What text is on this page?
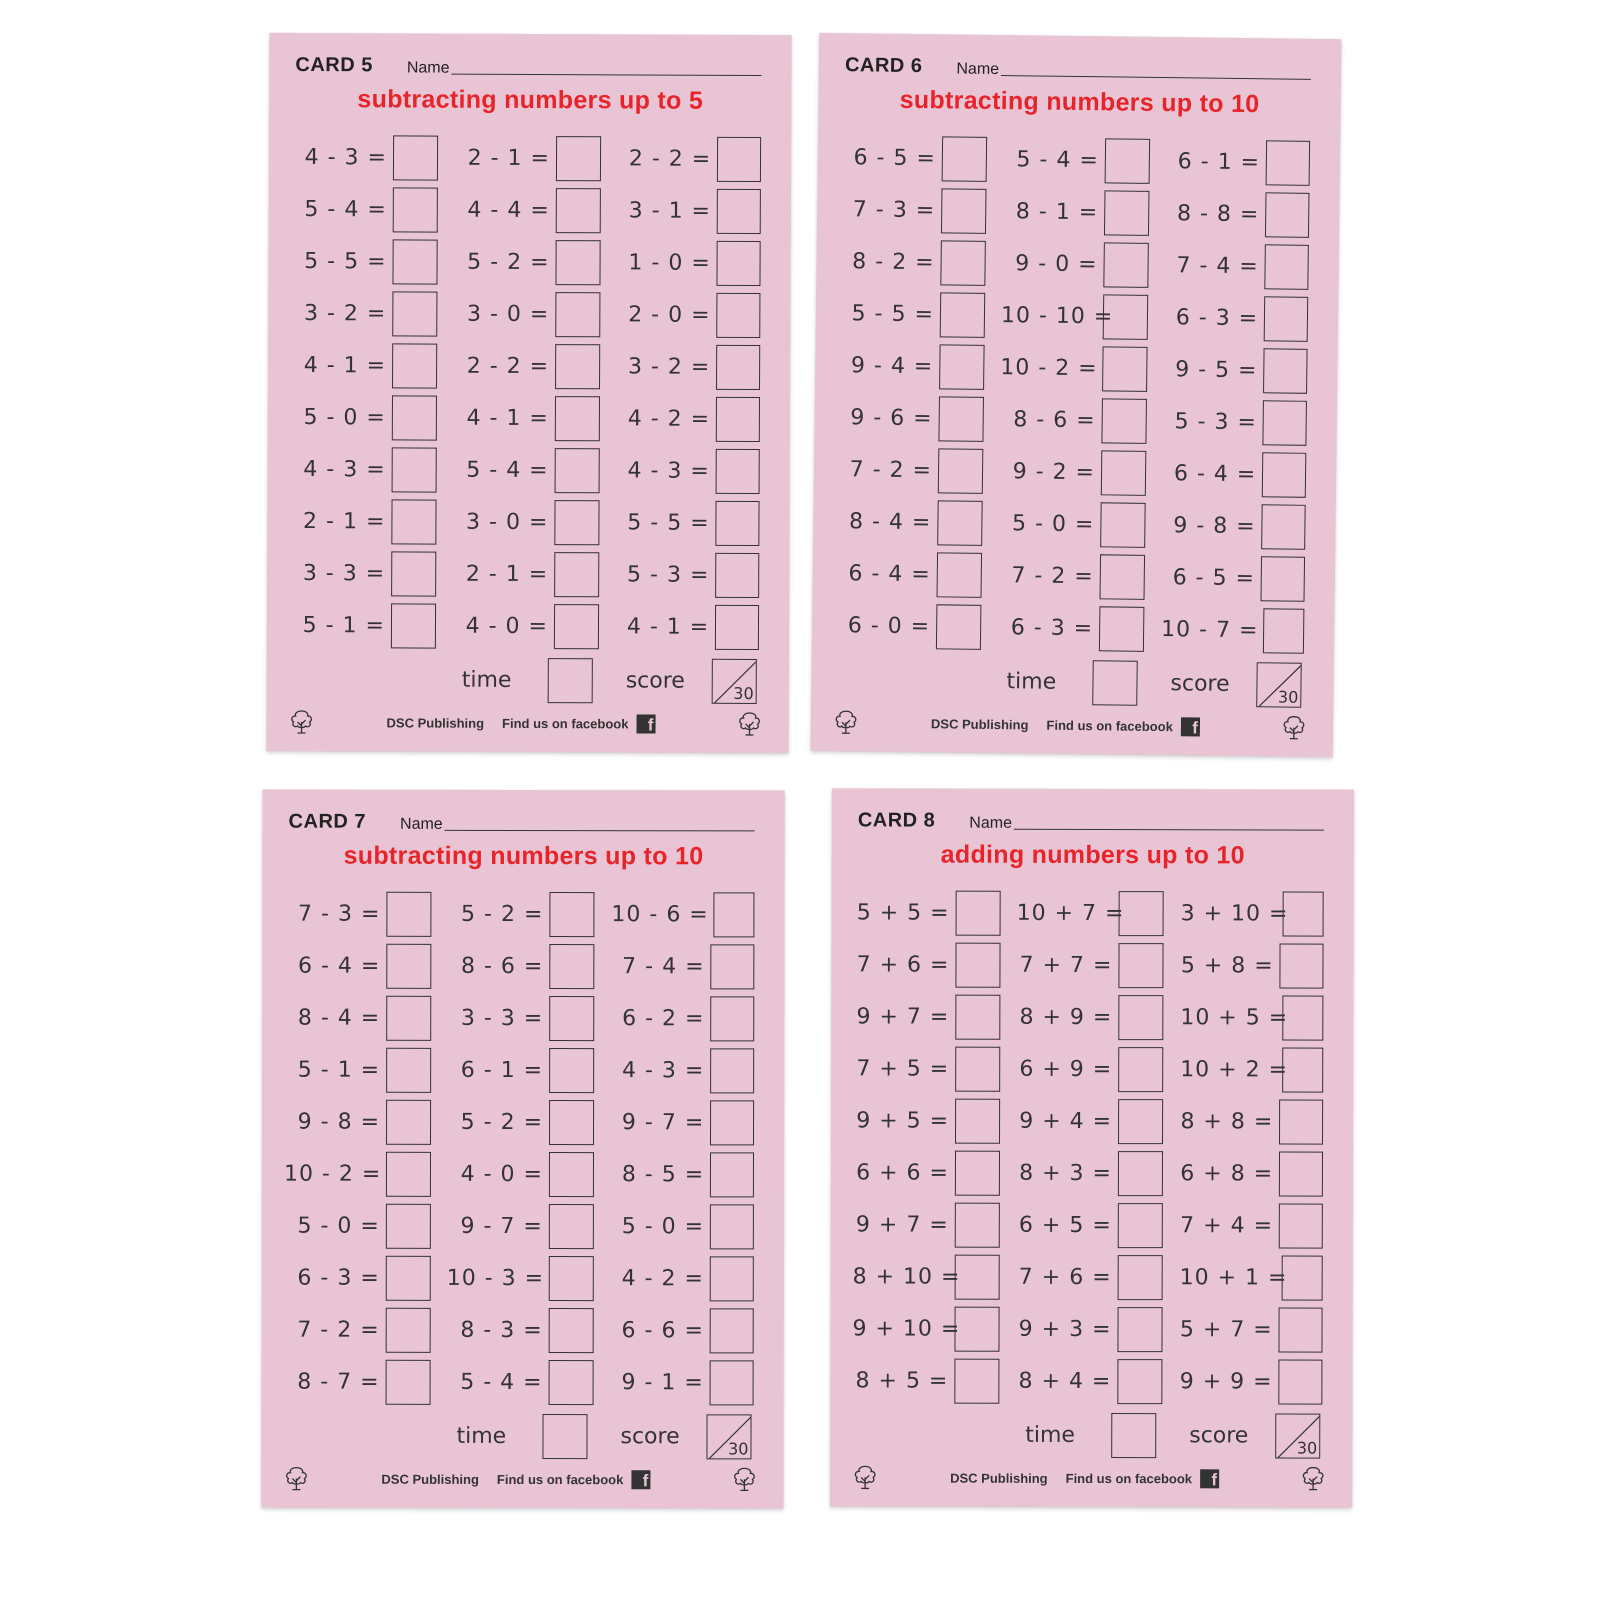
CARD 5 Name
subtracting numbers up to 5
4 - 3 =	2 - 1 =	2 - 2 =
5 - 4 =	4 - 4 =	3 - 1 =
5 - 5 =	5 - 2 =	1 - 0 =
3 - 2 =	3 - 0 =	2 - 0 =
4 - 1 =	2 - 2 =	3 - 2 =
5 - 0 =	4 - 1 =	4 - 2 =
4 - 3 =	5 - 4 =	4 - 3 =
2 - 1 =	3 - 0 =	5 - 5 =
3 - 3 =	2 - 1 =	5 - 3 =
5 - 1 =	4 - 0 =	4 - 1 =
time	score	30
DSC Publishing Find us on facebook	f
CARD 6 Name
subtracting numbers up to 10
6 - 5 =	5 - 4 =	6 - 1 =
7 - 3 =	8 - 1 =	8 - 8 =
8 - 2 =	9 - 0 =	7 - 4 =
5 - 5 =	10 - 10 =	6 - 3 =
9 - 4 =	10 - 2 =	9 - 5 =
9 - 6 =	8 - 6 =	5 - 3 =
7 - 2 =	9 - 2 =	6 - 4 =
8 - 4 =	5 - 0 =	9 - 8 =
6 - 4 =	7 - 2 =	6 - 5 =
6 - 0 =	6 - 3 =	10 - 7 =
time	score
30
DSC Publishing Find us on facebook	f
CARD 7 Name
subtracting numbers up to 10
7 - 3 =	5 - 2 =	10 - 6 =
6 - 4 =	8 - 6 =	7 - 4 =
8 - 4 =	3 - 3 =	6 - 2 =
5 - 1 =	6 - 1 =	4 - 3 =
9 - 8 =	5 - 2 =	9 - 7 =
10 - 2 =	4 - 0 =	8 - 5 =
5 - 0 =	9 - 7 =	5 - 0 =
6 - 3 =	10 - 3 =	4 - 2 =
7 - 2 =	8 - 3 =	6 - 6 =
8 - 7 =	5 - 4 =	9 - 1 =
time	score	30
DSC Publishing Find us on facebook	f
CARD 8 Name
adding numbers up to 10
5 + 5 =	10 + 7 =	3 + 10 =
7 + 6 =	7 + 7 =	5 + 8 =
9 + 7 =	8 + 9 =	10 + 5 =
7 + 5 =	6 + 9 =	10 + 2 =
9 + 5 =	9 + 4 =	8 + 8 =
6 + 6 =	8 + 3 =	6 + 8 =
9 + 7 =	6 + 5 =	7 + 4 =
8 + 10 =	7 + 6 =	10 + 1 =
9 + 10 =	9 + 3 =	5 + 7 =
8 + 5 =	8 + 4 =	9 + 9 =
time	score	30
DSC Publishing Find us on facebook	f
